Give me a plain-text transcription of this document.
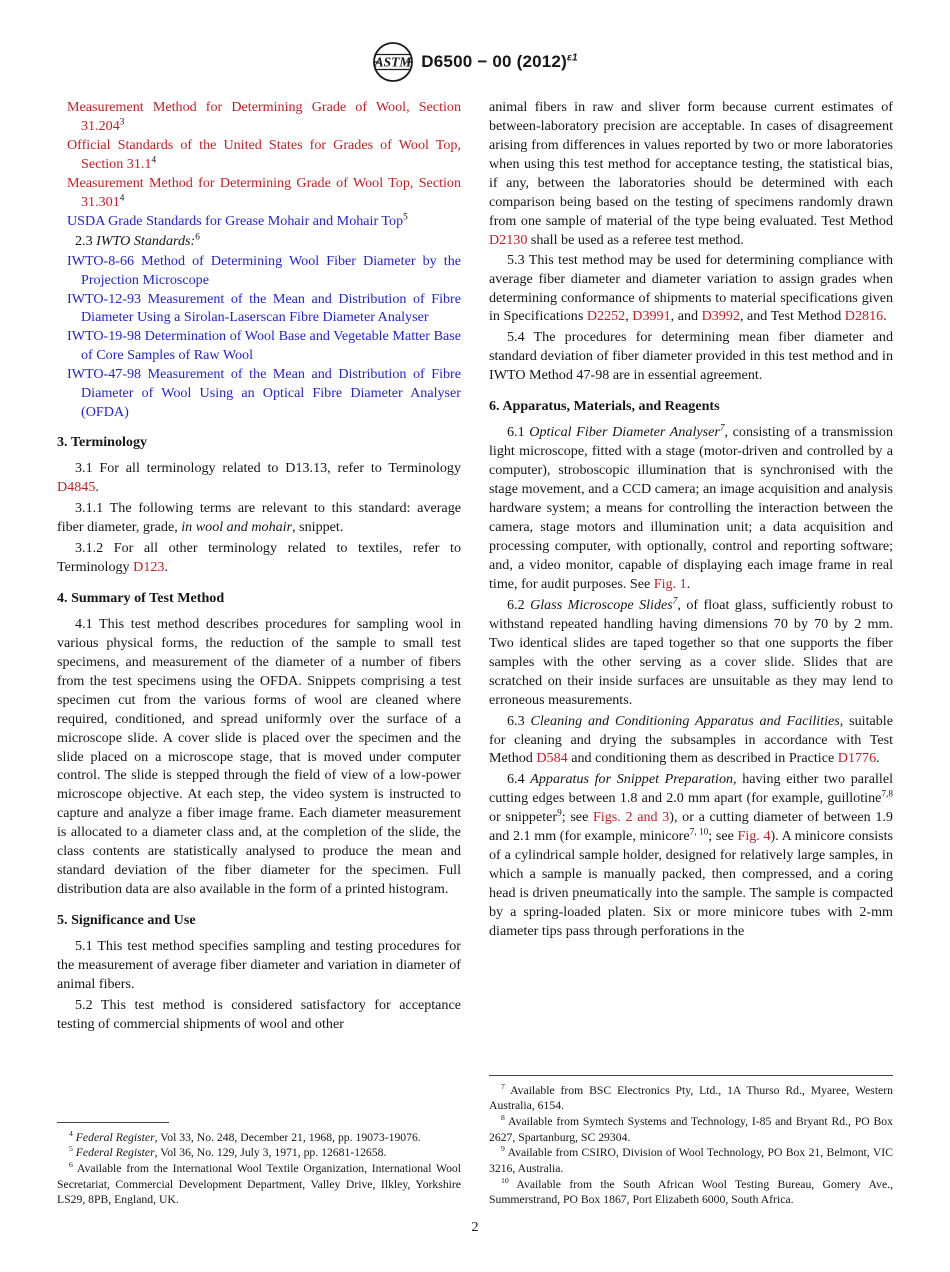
ASTM D6500 − 00 $(2012)^{\varepsilon 1}$

Measurement Method for Determining Grade of Wool, Section 31.204$^3$

Official Standards of the United States for Grades of Wool Top, Section 31.1$^4$

Measurement Method for Determining Grade of Wool Top, Section 31.301$^4$

USDA Grade Standards for Grease Mohair and Mohair Top$^5$

2.3 IWTO Standards:$^6$

IWTO-8-66 Method of Determining Wool Fiber Diameter by the Projection Microscope

IWTO-12-93 Measurement of the Mean and Distribution of Fibre Diameter Using a Sirolan-Laserscan Fibre Diameter Analyser

IWTO-19-98 Determination of Wool Base and Vegetable Matter Base of Core Samples of Raw Wool

IWTO-47-98 Measurement of the Mean and Distribution of Fibre Diameter of Wool Using an Optical Fibre Diameter Analyser (OFDA)

3. Terminology

3.1 For all terminology related to D13.13, refer to Terminology D4845.

3.1.1 The following terms are relevant to this standard: average fiber diameter, grade, in wool and mohair, snippet.

3.1.2 For all other terminology related to textiles, refer to Terminology D123.

4. Summary of Test Method

4.1 This test method describes procedures for sampling wool in various physical forms, the reduction of the sample to small test specimens, and measurement of the diameter of a number of fibers from the test specimens using the OFDA. Snippets comprising a test specimen cut from the various forms of wool are cleaned where required, conditioned, and spread uniformly over the surface of a microscope slide. A cover slide is placed over the specimen and the slide placed on a microscope stage, that is moved under computer control. The slide is stepped through the field of view of a low-power microscope objective. At each step, the video system is instructed to capture and analyze a fiber image frame. Each diameter measurement is allocated to a diameter class and, at the completion of the slide, the class contents are statistically analysed to produce the mean and standard deviation of the fiber diameter for the specimen. Full distribution data are also available in the form of a printed histogram.

5. Significance and Use

5.1 This test method specifies sampling and testing procedures for the measurement of average fiber diameter and variation in diameter of animal fibers.

5.2 This test method is considered satisfactory for acceptance testing of commercial shipments of wool and other

$^4$ Federal Register, Vol 33, No. 248, December 21, 1968, pp. 19073-19076.

$^5$ Federal Register, Vol 36, No. 129, July 3, 1971, pp. 12681-12658.

$^6$ Available from the International Wool Textile Organization, International Wool Secretariat, Commercial Development Department, Valley Drive, Ilkley, Yorkshire LS29, 8PB, England, UK.

animal fibers in raw and sliver form because current estimates of between-laboratory precision are acceptable. In cases of disagreement arising from differences in values reported by two or more laboratories when using this test method for acceptance testing, the statistical bias, if any, between the laboratories should be determined with each comparison being based on the testing of specimens randomly drawn from one sample of material of the type being evaluated. Test Method D2130 shall be used as a referee test method.

5.3 This test method may be used for determining compliance with average fiber diameter and diameter variation to assign grades when determining conformance of shipments to material specifications given in Specifications D2252, D3991, and D3992, and Test Method D2816.

5.4 The procedures for determining mean fiber diameter and standard deviation of fiber diameter provided in this test method and in IWTO Method 47-98 are in essential agreement.

6. Apparatus, Materials, and Reagents

6.1 Optical Fiber Diameter Analyser$^7$, consisting of a transmission light microscope, fitted with a stage (motor-driven and controlled by a computer), stroboscopic illumination that is synchronised with the stage movement, and a CCD camera; an image acquisition and analysis hardware system; a means for controlling the interaction between the camera, stage motors and illumination unit; a data acquisition and processing computer, with optionally, control and reporting software; and, a video monitor, capable of displaying each image frame in real time, for audit purposes. See Fig. 1.

6.2 Glass Microscope Slides$^7$, of float glass, sufficiently robust to withstand repeated handling having dimensions 70 by 70 by 2 mm. Two identical slides are taped together so that one supports the fiber samples with the other serving as a cover slide. Slides that are scratched on their inside surfaces are unsuitable as they may lend to erroneous measurements.

6.3 Cleaning and Conditioning Apparatus and Facilities, suitable for cleaning and drying the subsamples in accordance with Test Method D584 and conditioning them as described in Practice D1776.

6.4 Apparatus for Snippet Preparation, having either two parallel cutting edges between 1.8 and 2.0 mm apart (for example, guillotine$^{7,8}$ or snippeter$^9$; see Figs. 2 and 3), or a cutting diameter of between 1.9 and 2.1 mm (for example, minicore$^{7, 10}$; see Fig. 4). A minicore consists of a cylindrical sample holder, designed for relatively large samples, in which a sample is manually packed, then compressed, and a coring head is driven pneumatically into the sample. The sample is compacted by a spring-loaded platen. Six or more minicore tubes with 2-mm diameter tips pass through perforations in the

$^7$ Available from BSC Electronics Pty, Ltd., 1A Thurso Rd., Myaree, Western Australia, 6154.

$^8$ Available from Symtech Systems and Technology, I-85 and Bryant Rd., PO Box 2627, Spartanburg, SC 29304.

$^9$ Available from CSIRO, Division of Wool Technology, PO Box 21, Belmont, VIC 3216, Australia.

$^{10}$ Available from the South African Wool Testing Bureau, Gomery Ave., Summerstrand, PO Box 1867, Port Elizabeth 6000, South Africa.

2
